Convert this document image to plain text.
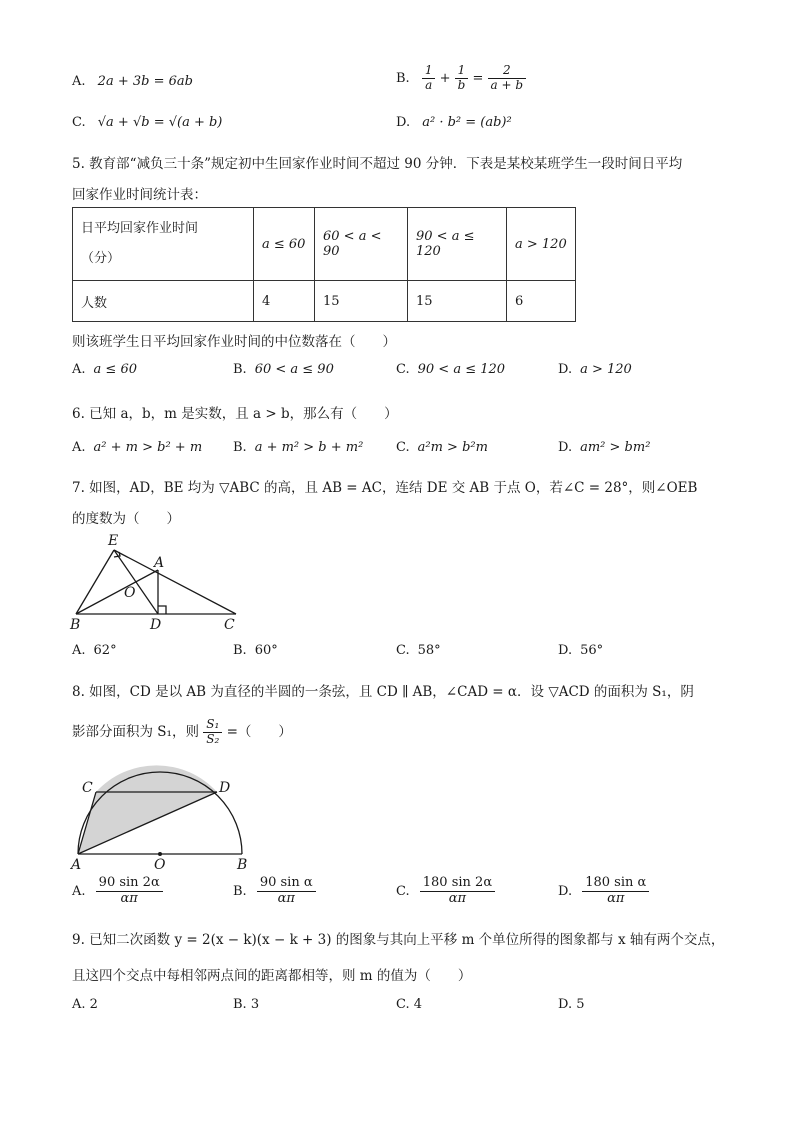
A. 2a + 3b = 6ab	B. $\frac{1}{a} + \frac{1}{b} = \frac{2}{a + b}$
C. √a + √b = √(a + b)	D. a² · b² = (ab)²
5. 教育部“减负三十条”规定初中生回家作业时间不超过 90 分钟．下表是某校某班学生一段时间日平均
回家作业时间统计表：
日平均回家作业时间
（分）	a ≤ 60	60 < a < 90	90 < a ≤ 120	a > 120
人数	4	15	15	6
则该班学生日平均回家作业时间的中位数落在（　　）
A. a ≤ 60	B. 60 < a ≤ 90	C. 90 < a ≤ 120	D. a > 120
6. 已知 a，b，m 是实数，且 a > b，那么有（　　）
A. a² + m > b² + m B. a + m² > b + m²	C. a²m > b²m	D. am² > bm²
7. 如图，AD，BE 均为 ▽ABC 的高，且 AB = AC，连结 DE 交 AB 于点 O，若∠C = 28°，则∠OEB
的度数为（　　）
E
A
O
B	D	C
A. 62°	B. 60°	C. 58°	D. 56°
8. 如图，CD 是以 AB 为直径的半圆的一条弦，且 CD ∥ AB，∠CAD = α．设 ▽ACD 的面积为 S₁，阴
影部分面积为 S₁，则 $\frac{\text{S₁}}{\text{S₂}}$ =（　　）
C	D
A	O	B
A. $\frac{90 \sin 2\alpha}{\alpha\pi}$	B. $\frac{\text{90 sin α}}{\alpha\pi}$	C. $\frac{180 \sin 2\alpha}{\alpha\pi}$	D. $\frac{\text{180 sin α}}{\alpha\pi}$
9. 已知二次函数 y = 2(x − k)(x − k + 3) 的图象与其向上平移 m 个单位所得的图象都与 x 轴有两个交点，
且这四个交点中每相邻两点间的距离都相等，则 m 的值为（　　）
A. 2	B. 3	C. 4	D. 5
